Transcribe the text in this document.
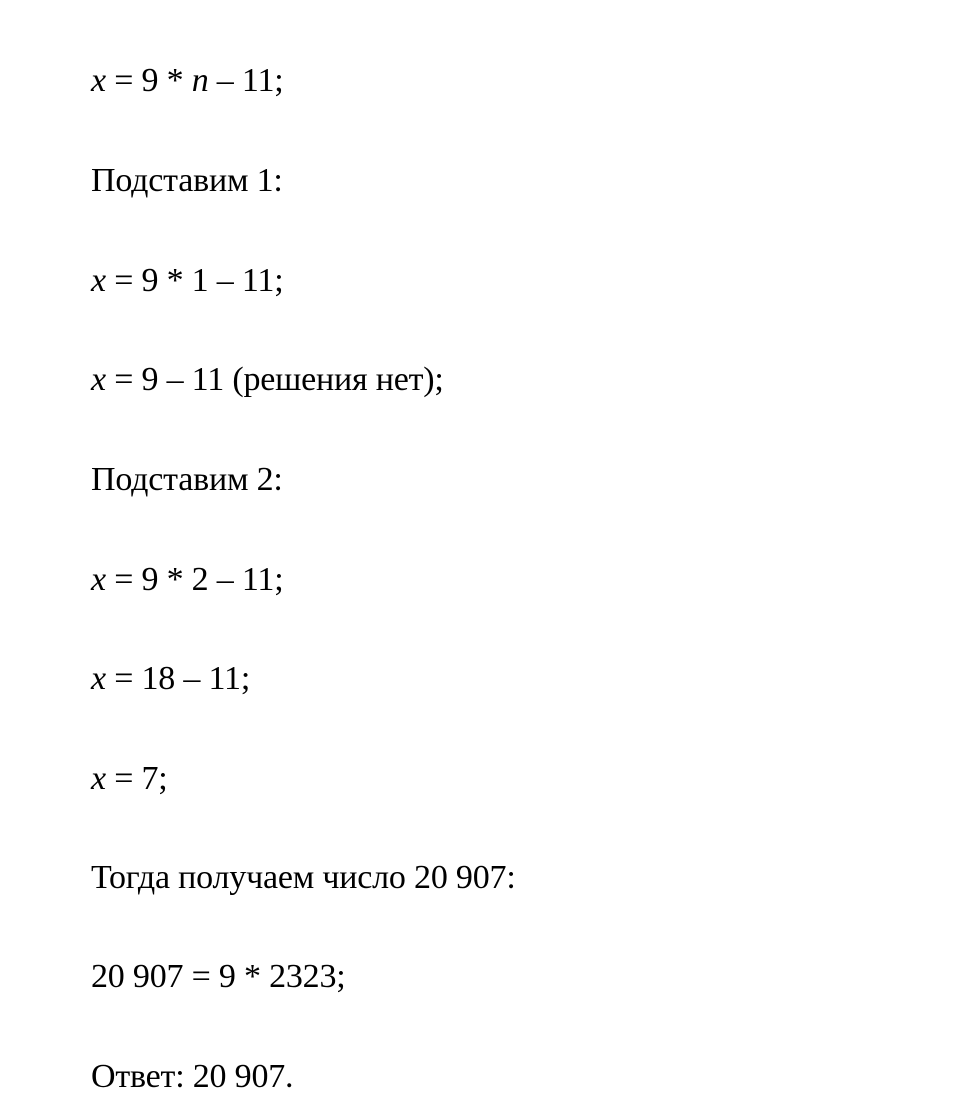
x = 9 * n – 11;
Подставим 1:
x = 9 * 1 – 11;
x = 9 – 11 (решения нет);
Подставим 2:
x = 9 * 2 – 11;
x = 18 – 11;
x = 7;
Тогда получаем число 20 907:
20 907 = 9 * 2323;
Ответ: 20 907.
